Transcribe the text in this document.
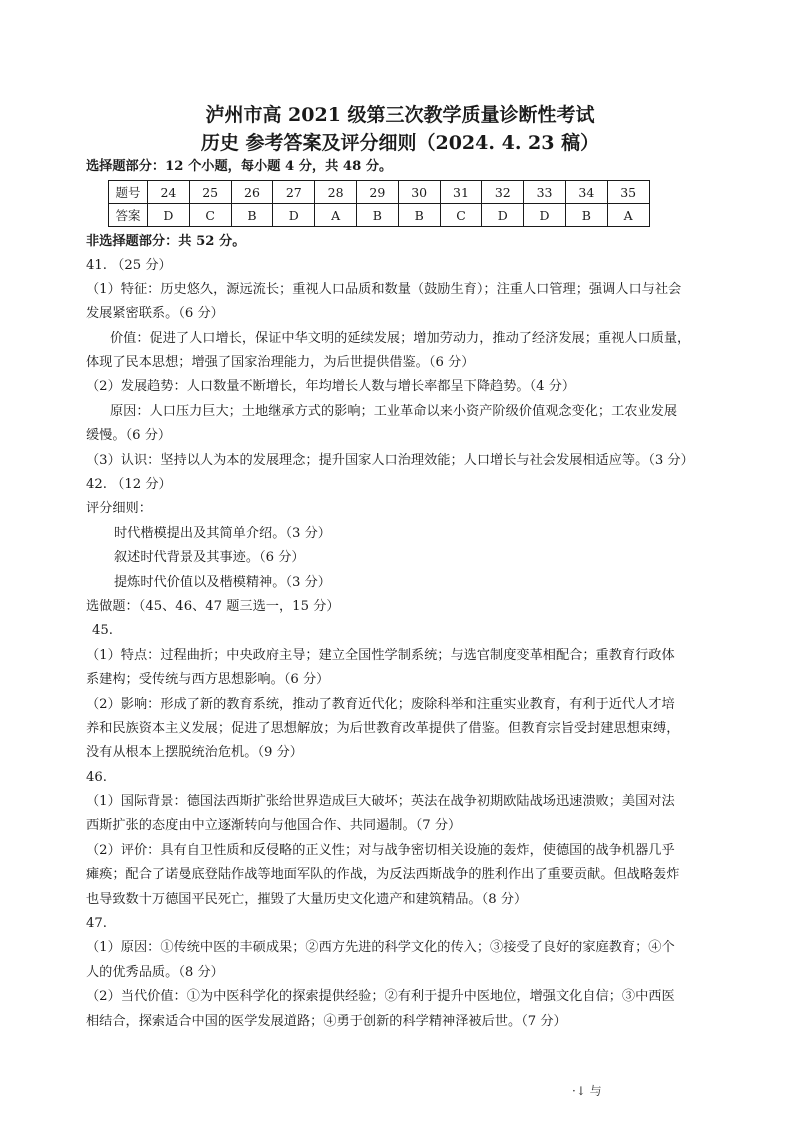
泸州市高 2021 级第三次教学质量诊断性考试
历史 参考答案及评分细则（2024. 4. 23 稿）
选择题部分：12 个小题，每小题 4 分，共 48 分。
题号	24	25	26	27	28	29	30	31	32	33	34	35
答案	D	C	B	D	A	B	B	C	D	D	B	A
非选择题部分：共 52 分。
41. （25 分）
（1）特征：历史悠久，源远流长；重视人口品质和数量（鼓励生育）；注重人口管理；强调人口与社会
发展紧密联系。（6 分）
价值：促进了人口增长，保证中华文明的延续发展；增加劳动力，推动了经济发展；重视人口质量，
体现了民本思想；增强了国家治理能力，为后世提供借鉴。（6 分）
（2）发展趋势：人口数量不断增长，年均增长人数与增长率都呈下降趋势。（4 分）
原因：人口压力巨大；土地继承方式的影响；工业革命以来小资产阶级价值观念变化；工农业发展
缓慢。（6 分）
（3）认识：坚持以人为本的发展理念；提升国家人口治理效能；人口增长与社会发展相适应等。（3 分）
42. （12 分）
评分细则：
时代楷模提出及其简单介绍。（3 分）
叙述时代背景及其事迹。（6 分）
提炼时代价值以及楷模精神。（3 分）
选做题：（45、46、47 题三选一，15 分）
45.
（1）特点：过程曲折；中央政府主导；建立全国性学制系统；与选官制度变革相配合；重教育行政体
系建构；受传统与西方思想影响。（6 分）
（2）影响：形成了新的教育系统，推动了教育近代化；废除科举和注重实业教育，有利于近代人才培
养和民族资本主义发展；促进了思想解放；为后世教育改革提供了借鉴。但教育宗旨受封建思想束缚，
没有从根本上摆脱统治危机。（9 分）
46.
（1）国际背景：德国法西斯扩张给世界造成巨大破坏；英法在战争初期欧陆战场迅速溃败；美国对法
西斯扩张的态度由中立逐渐转向与他国合作、共同遏制。（7 分）
（2）评价：具有自卫性质和反侵略的正义性；对与战争密切相关设施的轰炸，使德国的战争机器几乎
瘫痪；配合了诺曼底登陆作战等地面军队的作战，为反法西斯战争的胜利作出了重要贡献。但战略轰炸
也导致数十万德国平民死亡，摧毁了大量历史文化遗产和建筑精品。（8 分）
47.
（1）原因：①传统中医的丰硕成果；②西方先进的科学文化的传入；③接受了良好的家庭教育；④个
人的优秀品质。（8 分）
（2）当代价值：①为中医科学化的探索提供经验；②有利于提升中医地位，增强文化自信；③中西医
相结合，探索适合中国的医学发展道路；④勇于创新的科学精神泽被后世。（7 分）
·↓ 与
